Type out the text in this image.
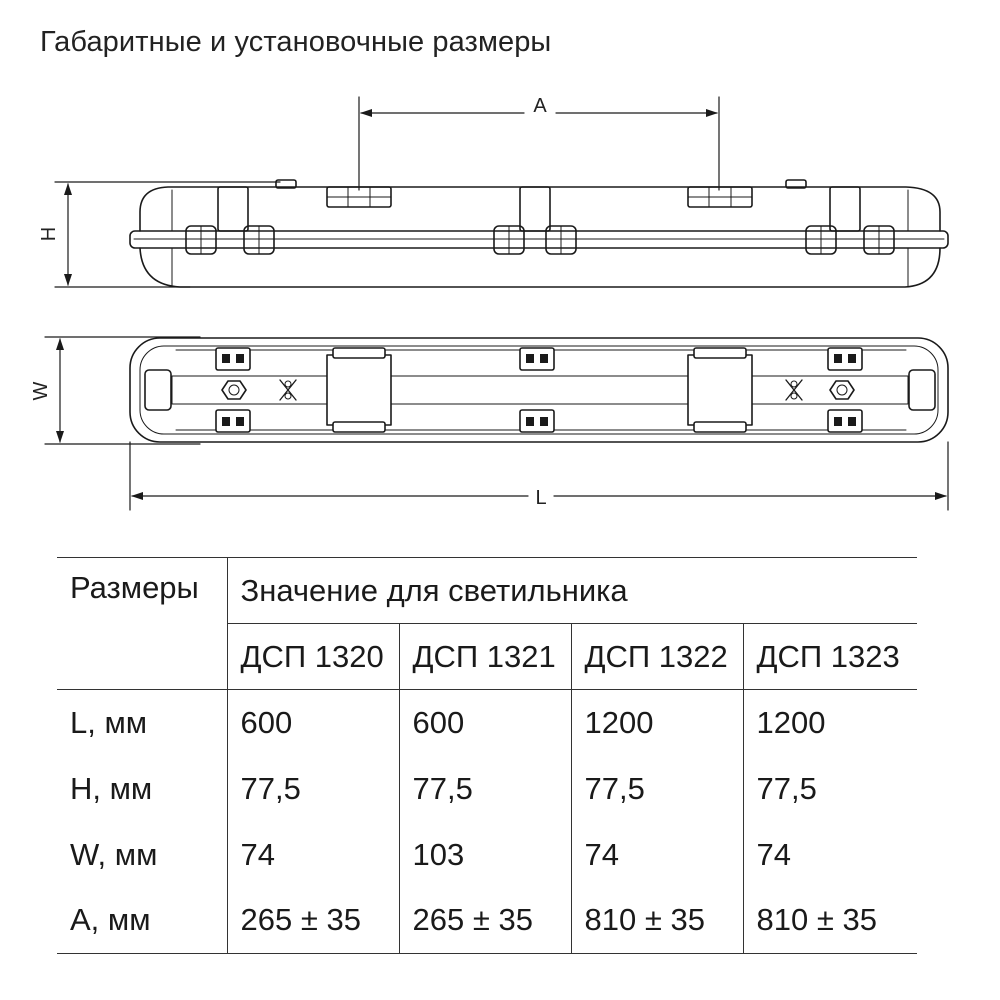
Габаритные и установочные размеры
A
H
W
L
Размеры	Значение для светильника			
	ДСП 1320	ДСП 1321	ДСП 1322	ДСП 1323
L, мм	600	600	1200	1200
H, мм	77,5	77,5	77,5	77,5
W, мм	74	103	74	74
A, мм	265 ± 35	265 ± 35	810 ± 35	810 ± 35
